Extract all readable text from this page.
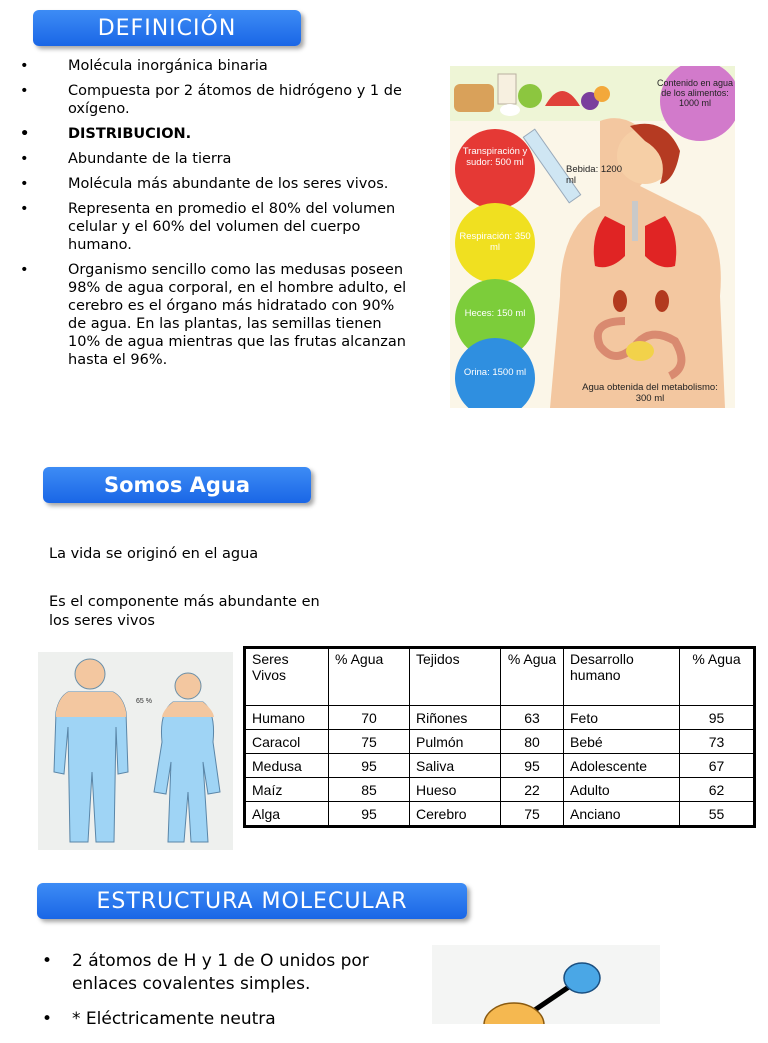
DEFINICIÓN
• Molécula inorgánica binaria
• Compuesta por 2 átomos de hidrógeno y 1 de oxígeno.
• DISTRIBUCION.
• Abundante de la tierra
• Molécula más abundante de los seres vivos.
• Representa en promedio el 80% del volumen celular y el 60% del volumen del cuerpo humano.
• Organismo sencillo como las medusas poseen 98% de agua corporal, en el hombre adulto, el cerebro es el órgano más hidratado con 90% de agua. En las plantas, las semillas tienen 10% de agua mientras que las frutas alcanzan hasta el 96%.
Transpiración y sudor: 500 ml
Respiración: 350 ml
Heces: 150 ml
Orina: 1500 ml
Contenido en agua de los alimentos: 1000 ml
Bebida: 1200 ml
Agua obtenida del metabolismo: 300 ml
Somos Agua
La vida se originó en el agua
Es el componente más abundante en los seres vivos
65 %
Seres Vivos	% Agua	Tejidos	% Agua	Desarrollo humano	% Agua
Humano	70	Riñones	63	Feto	95
Caracol	75	Pulmón	80	Bebé	73
Medusa	95	Saliva	95	Adolescente	67
Maíz	85	Hueso	22	Adulto	62
Alga	95	Cerebro	75	Anciano	55
ESTRUCTURA MOLECULAR
• 2 átomos de H y 1 de O unidos por enlaces covalentes simples.
• * Eléctricamente neutra
